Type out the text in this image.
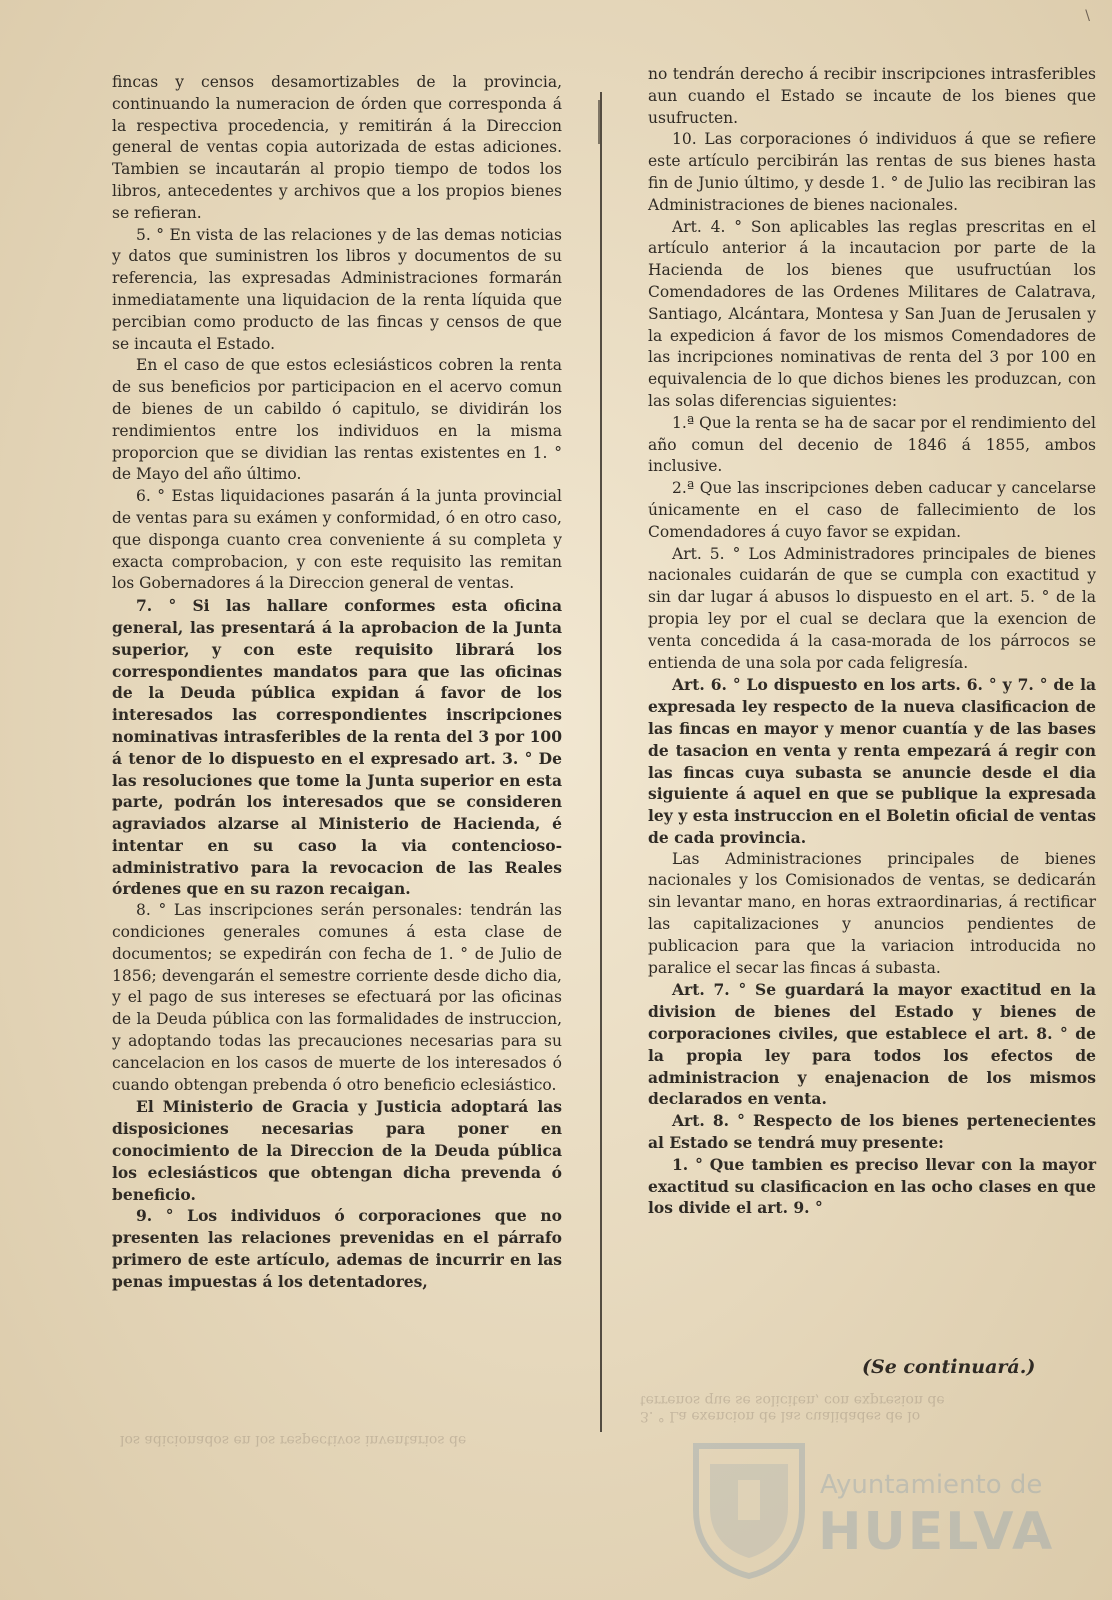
\

fincas y censos desamortizables de la provincia, continuando la numeracion de órden que corresponda á la respectiva procedencia, y remitirán á la Direccion general de ventas copia autorizada de estas adiciones. Tambien se incautarán al propio tiempo de todos los libros, antecedentes y archivos que a los propios bienes se refieran.

5. ° En vista de las relaciones y de las demas noticias y datos que suministren los libros y documentos de su referencia, las expresadas Administraciones formarán inmediatamente una liquidacion de la renta líquida que percibian como producto de las fincas y censos de que se incauta el Estado.

En el caso de que estos eclesiásticos cobren la renta de sus beneficios por participacion en el acervo comun de bienes de un cabildo ó capitulo, se dividirán los rendimientos entre los individuos en la misma proporcion que se dividian las rentas existentes en 1. ° de Mayo del año último.

6. ° Estas liquidaciones pasarán á la junta provincial de ventas para su exámen y conformidad, ó en otro caso, que disponga cuanto crea conveniente á su completa y exacta comprobacion, y con este requisito las remitan los Gobernadores á la Direccion general de ventas.

7. ° Si las hallare conformes esta oficina general, las presentará á la aprobacion de la Junta superior, y con este requisito librará los correspondientes mandatos para que las oficinas de la Deuda pública expidan á favor de los interesados las correspondientes inscripciones nominativas intrasferibles de la renta del 3 por 100 á tenor de lo dispuesto en el expresado art. 3. ° De las resoluciones que tome la Junta superior en esta parte, podrán los interesados que se consideren agraviados alzarse al Ministerio de Hacienda, é intentar en su caso la via contencioso-administrativo para la revocacion de las Reales órdenes que en su razon recaigan.

8. ° Las inscripciones serán personales: tendrán las condiciones generales comunes á esta clase de documentos; se expedirán con fecha de 1. ° de Julio de 1856; devengarán el semestre corriente desde dicho dia, y el pago de sus intereses se efectuará por las oficinas de la Deuda pública con las formalidades de instruccion, y adoptando todas las precauciones necesarias para su cancelacion en los casos de muerte de los interesados ó cuando obtengan prebenda ó otro beneficio eclesiástico.

El Ministerio de Gracia y Justicia adoptará las disposiciones necesarias para poner en conocimiento de la Direccion de la Deuda pública los eclesiásticos que obtengan dicha prevenda ó beneficio.

9. ° Los individuos ó corporaciones que no presenten las relaciones prevenidas en el párrafo primero de este artículo, ademas de incurrir en las penas impuestas á los detentadores,

no tendrán derecho á recibir inscripciones intrasferibles aun cuando el Estado se incaute de los bienes que usufructen.

10. Las corporaciones ó individuos á que se refiere este artículo percibirán las rentas de sus bienes hasta fin de Junio último, y desde 1. ° de Julio las recibiran las Administraciones de bienes nacionales.

Art. 4. ° Son aplicables las reglas prescritas en el artículo anterior á la incautacion por parte de la Hacienda de los bienes que usufructúan los Comendadores de las Ordenes Militares de Calatrava, Santiago, Alcántara, Montesa y San Juan de Jerusalen y la expedicion á favor de los mismos Comendadores de las incripciones nominativas de renta del 3 por 100 en equivalencia de lo que dichos bienes les produzcan, con las solas diferencias siguientes:

1.ª Que la renta se ha de sacar por el rendimiento del año comun del decenio de 1846 á 1855, ambos inclusive.

2.ª Que las inscripciones deben caducar y cancelarse únicamente en el caso de fallecimiento de los Comendadores á cuyo favor se expidan.

Art. 5. ° Los Administradores principales de bienes nacionales cuidarán de que se cumpla con exactitud y sin dar lugar á abusos lo dispuesto en el art. 5. ° de la propia ley por el cual se declara que la exencion de venta concedida á la casa-morada de los párrocos se entienda de una sola por cada feligresía.

Art. 6. ° Lo dispuesto en los arts. 6. ° y 7. ° de la expresada ley respecto de la nueva clasificacion de las fincas en mayor y menor cuantía y de las bases de tasacion en venta y renta empezará á regir con las fincas cuya subasta se anuncie desde el dia siguiente á aquel en que se publique la expresada ley y esta instruccion en el Boletin oficial de ventas de cada provincia.

Las Administraciones principales de bienes nacionales y los Comisionados de ventas, se dedicarán sin levantar mano, en horas extraordinarias, á rectificar las capitalizaciones y anuncios pendientes de publicacion para que la variacion introducida no paralice el secar las fincas á subasta.

Art. 7. ° Se guardará la mayor exactitud en la division de bienes del Estado y bienes de corporaciones civiles, que establece el art. 8. ° de la propia ley para todos los efectos de administracion y enajenacion de los mismos declarados en venta.

Art. 8. ° Respecto de los bienes pertenecientes al Estado se tendrá muy presente:

1. ° Que tambien es preciso llevar con la mayor exactitud su clasificacion en las ocho clases en que los divide el art. 9. °

(Se continuará.)
los adicionados en los respectivos inventarios de
3. ° La exencion de las cualidades de lo
terrenos que se soliciten, con expresion de
Ayuntamiento de
HUELVA
